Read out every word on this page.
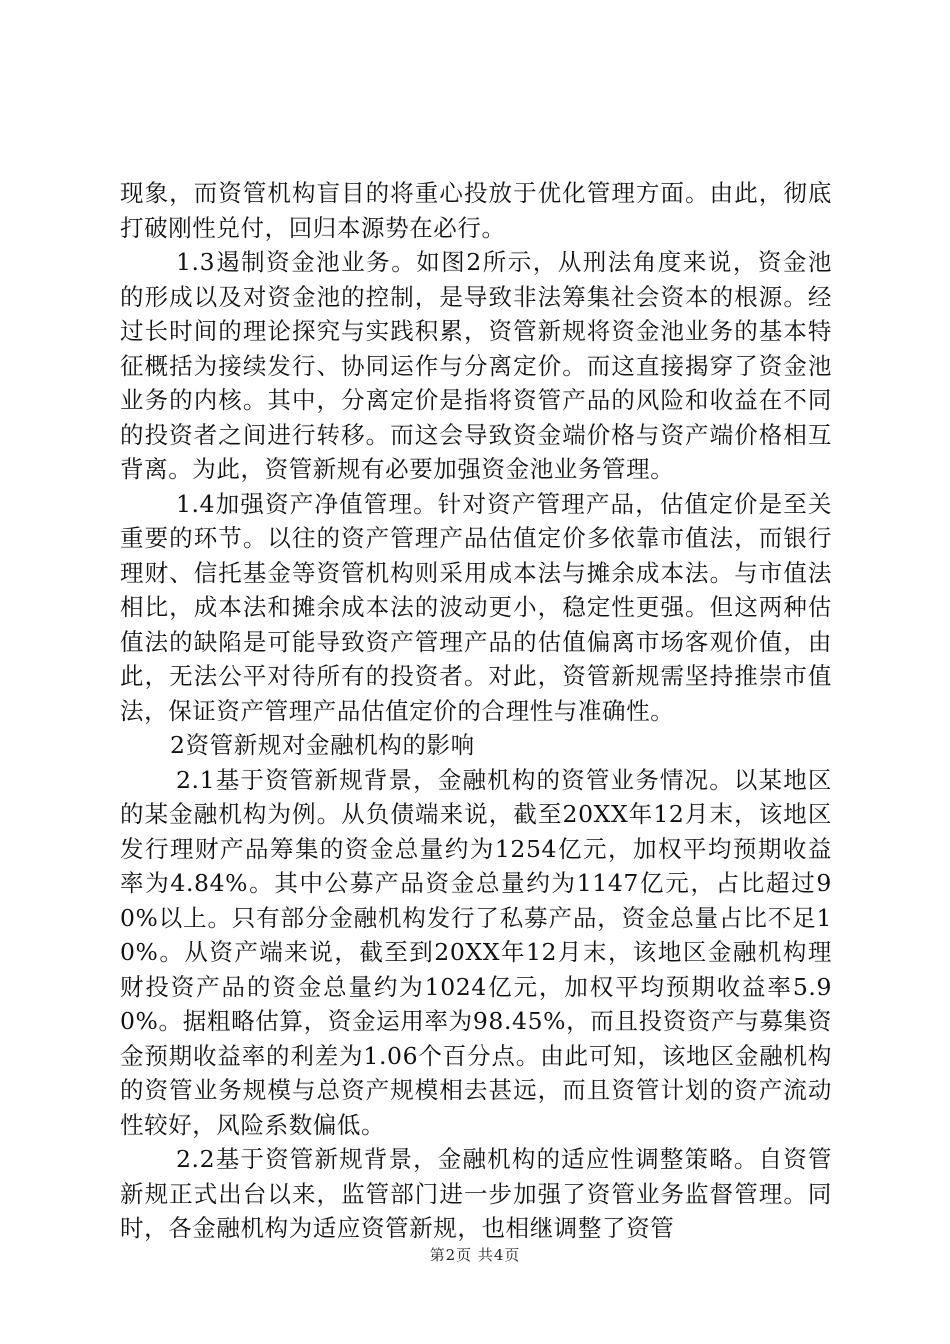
现象，而资管机构盲目的将重心投放于优化管理方面。由此，彻底打破刚性兑付，回归本源势在必行。

1.3遏制资金池业务。如图2所示，从刑法角度来说，资金池的形成以及对资金池的控制，是导致非法筹集社会资本的根源。经过长时间的理论探究与实践积累，资管新规将资金池业务的基本特征概括为接续发行、协同运作与分离定价。而这直接揭穿了资金池业务的内核。其中，分离定价是指将资管产品的风险和收益在不同的投资者之间进行转移。而这会导致资金端价格与资产端价格相互背离。为此，资管新规有必要加强资金池业务管理。

1.4加强资产净值管理。针对资产管理产品，估值定价是至关重要的环节。以往的资产管理产品估值定价多依靠市值法，而银行理财、信托基金等资管机构则采用成本法与摊余成本法。与市值法相比，成本法和摊余成本法的波动更小，稳定性更强。但这两种估值法的缺陷是可能导致资产管理产品的估值偏离市场客观价值，由此，无法公平对待所有的投资者。对此，资管新规需坚持推崇市值法，保证资产管理产品估值定价的合理性与准确性。

2资管新规对金融机构的影响

2.1基于资管新规背景，金融机构的资管业务情况。以某地区的某金融机构为例。从负债端来说，截至20XX年12月末，该地区发行理财产品筹集的资金总量约为1254亿元，加权平均预期收益率为4.84%。其中公募产品资金总量约为1147亿元，占比超过90%以上。只有部分金融机构发行了私募产品，资金总量占比不足10%。从资产端来说，截至到20XX年12月末，该地区金融机构理财投资产品的资金总量约为1024亿元，加权平均预期收益率5.90%。据粗略估算，资金运用率为98.45%，而且投资资产与募集资金预期收益率的利差为1.06个百分点。由此可知，该地区金融机构的资管业务规模与总资产规模相去甚远，而且资管计划的资产流动性较好，风险系数偏低。

2.2基于资管新规背景，金融机构的适应性调整策略。自资管新规正式出台以来，监管部门进一步加强了资管业务监督管理。同时，各金融机构为适应资管新规，也相继调整了资管

第2页 共4页
